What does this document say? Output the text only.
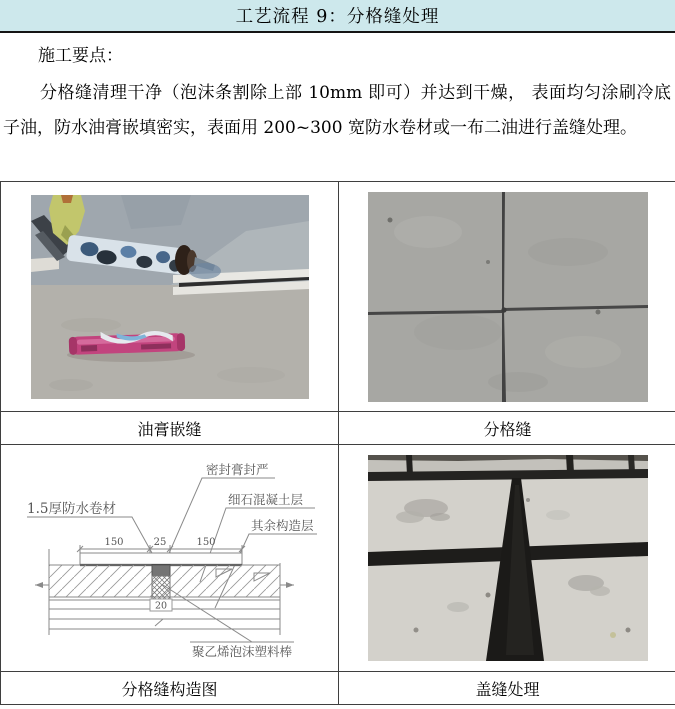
工艺流程 9：分格缝处理
施工要点：
分格缝清理干净（泡沫条割除上部 10mm 即可）并达到干燥， 表面均匀涂刷冷底子油，防水油膏嵌填密实，表面用 200~300 宽防水卷材或一布二油进行盖缝处理。

油膏嵌缝	分格缝

密封膏封严
细石混凝土层
其余构造层
1.5厚防水卷材
聚乙烯泡沫塑料棒
150	25	150
20

分格缝构造图	盖缝处理
